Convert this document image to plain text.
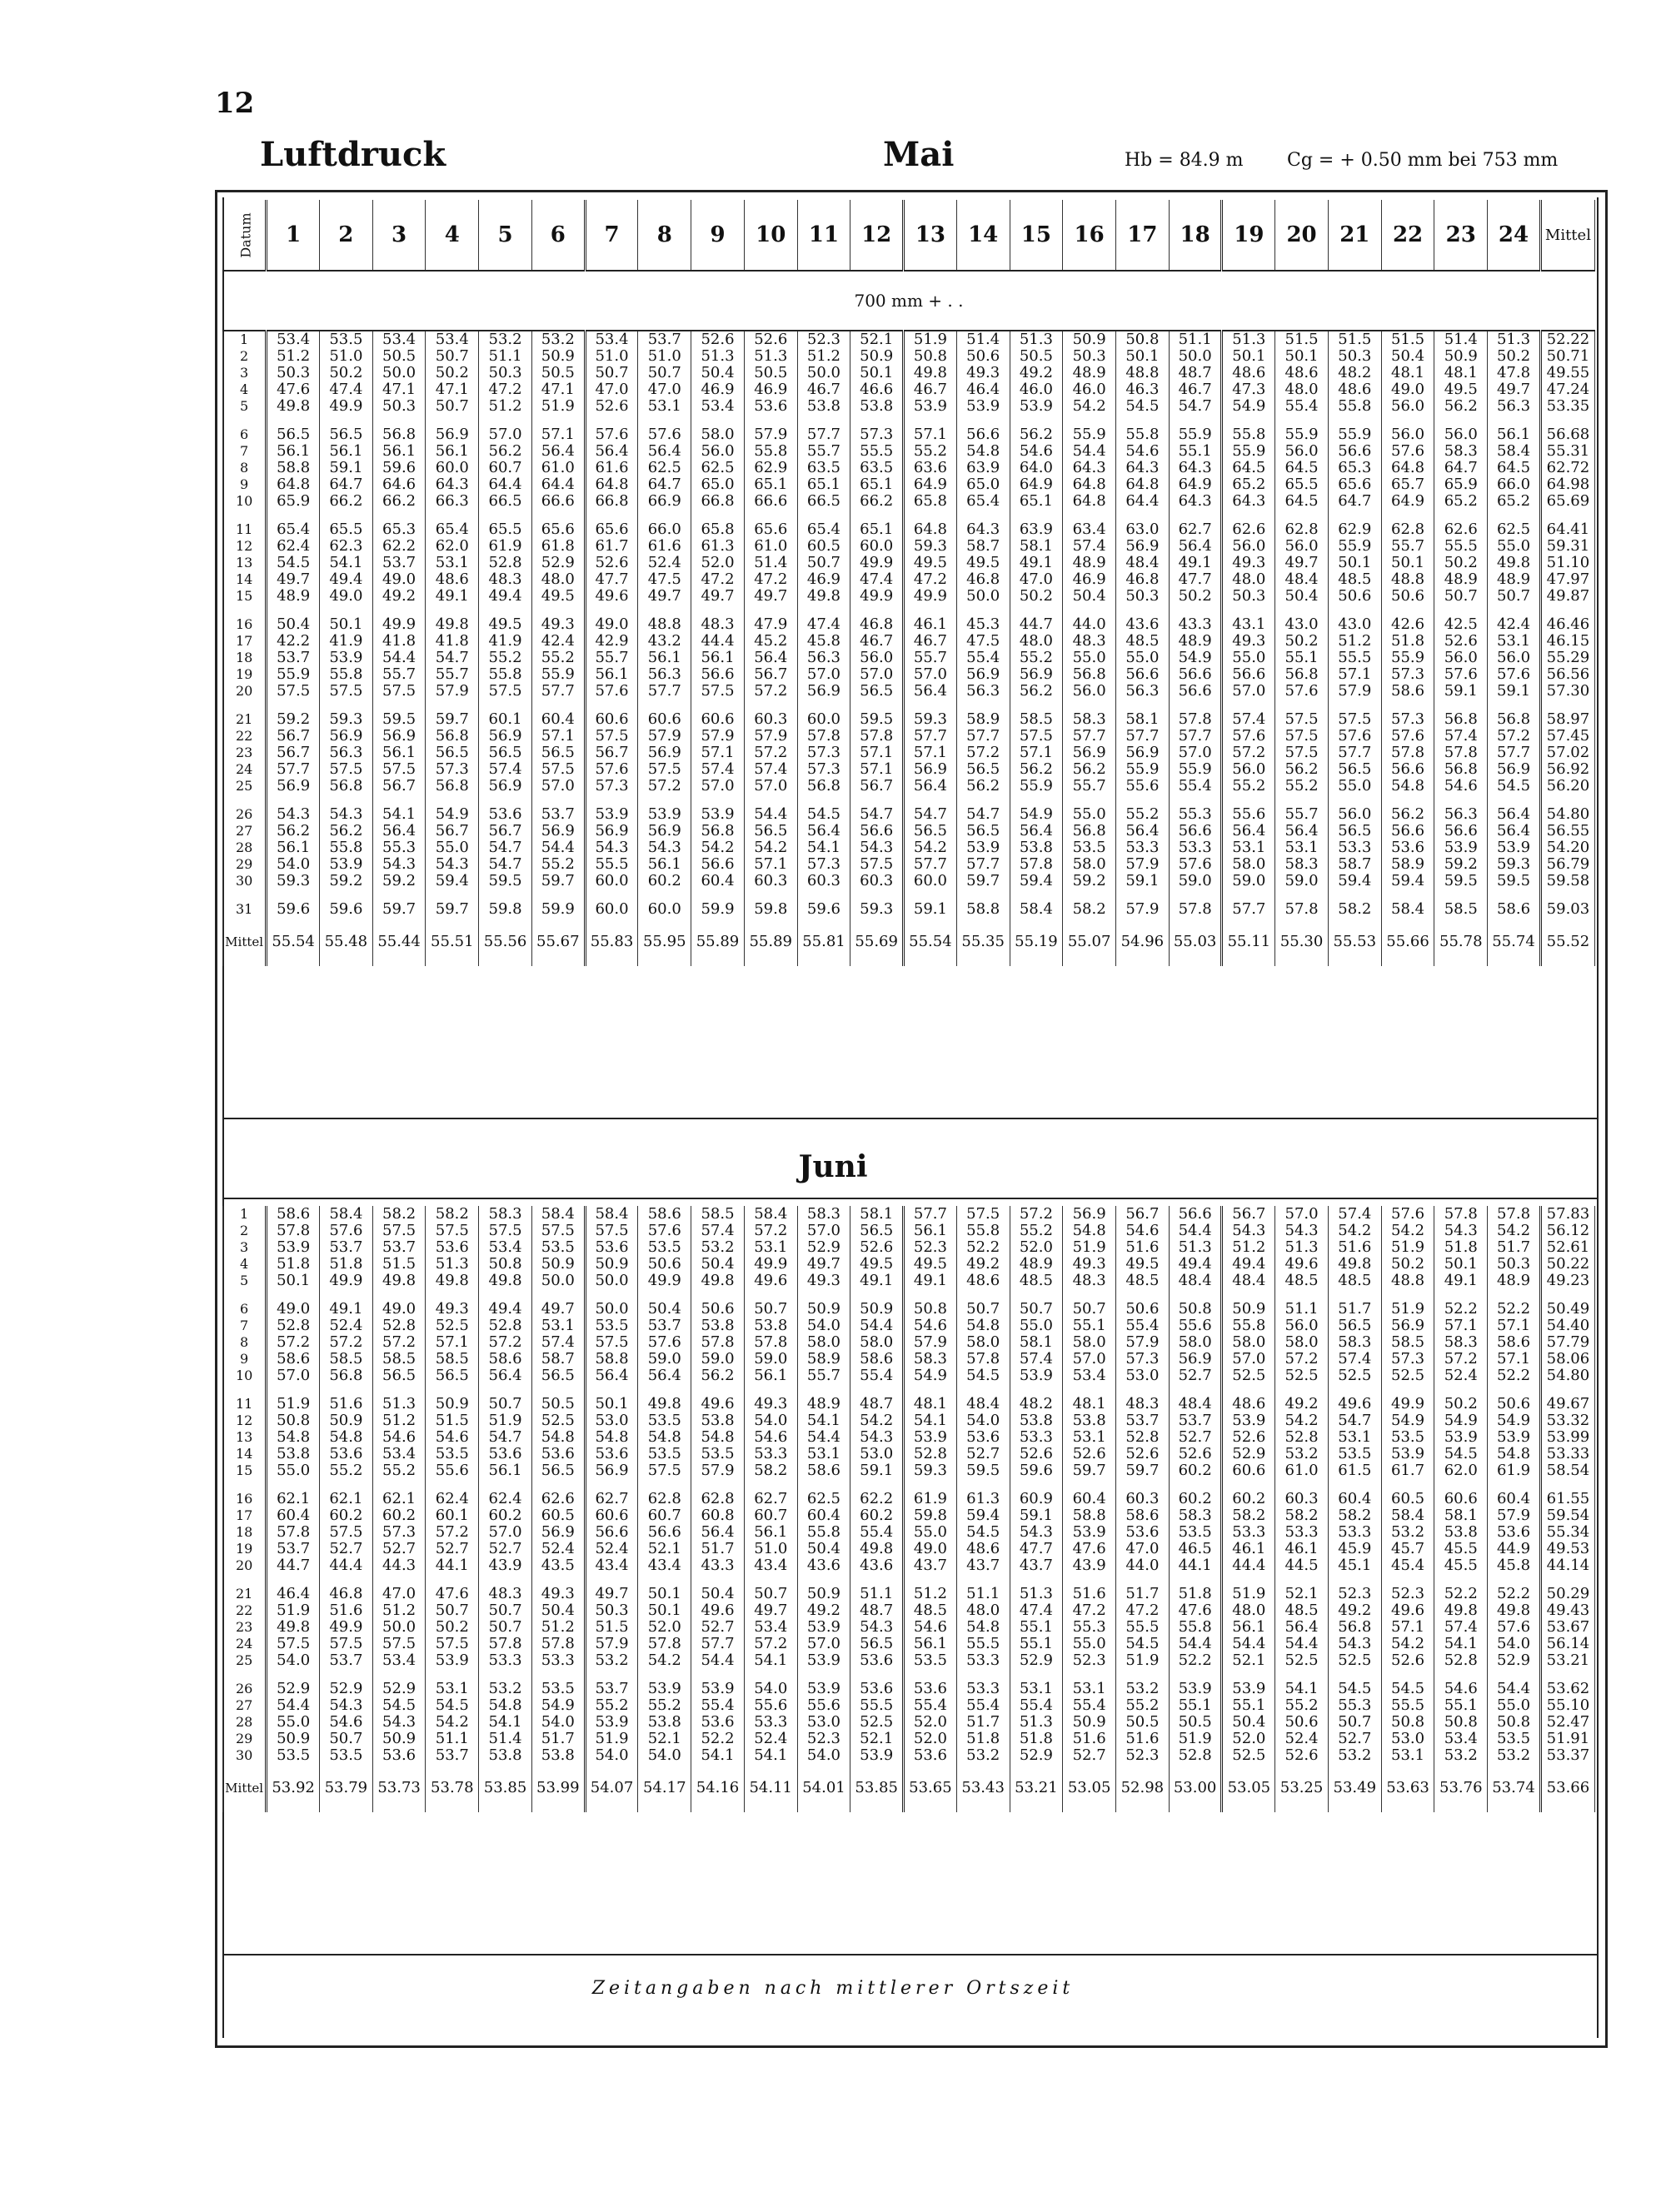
12
Luftdruck	Mai	Hb = 84.9 m Cg = + 0.50 mm bei 753 mm
Datum	1	2	3	4	5	6	7	8	9	10	11	12	13	14	15	16	17	18	19	20	21	22	23	24	Mittel
700 mm + . .																									
1	53.4	53.5	53.4	53.4	53.2	53.2	53.4	53.7	52.6	52.6	52.3	52.1	51.9	51.4	51.3	50.9	50.8	51.1	51.3	51.5	51.5	51.5	51.4	51.3	52.22
2	51.2	51.0	50.5	50.7	51.1	50.9	51.0	51.0	51.3	51.3	51.2	50.9	50.8	50.6	50.5	50.3	50.1	50.0	50.1	50.1	50.3	50.4	50.9	50.2	50.71
3	50.3	50.2	50.0	50.2	50.3	50.5	50.7	50.7	50.4	50.5	50.0	50.1	49.8	49.3	49.2	48.9	48.8	48.7	48.6	48.6	48.2	48.1	48.1	47.8	49.55
4	47.6	47.4	47.1	47.1	47.2	47.1	47.0	47.0	46.9	46.9	46.7	46.6	46.7	46.4	46.0	46.0	46.3	46.7	47.3	48.0	48.6	49.0	49.5	49.7	47.24
5	49.8	49.9	50.3	50.7	51.2	51.9	52.6	53.1	53.4	53.6	53.8	53.8	53.9	53.9	53.9	54.2	54.5	54.7	54.9	55.4	55.8	56.0	56.2	56.3	53.35
6	56.5	56.5	56.8	56.9	57.0	57.1	57.6	57.6	58.0	57.9	57.7	57.3	57.1	56.6	56.2	55.9	55.8	55.9	55.8	55.9	55.9	56.0	56.0	56.1	56.68
7	56.1	56.1	56.1	56.1	56.2	56.4	56.4	56.4	56.0	55.8	55.7	55.5	55.2	54.8	54.6	54.4	54.6	55.1	55.9	56.0	56.6	57.6	58.3	58.4	55.31
8	58.8	59.1	59.6	60.0	60.7	61.0	61.6	62.5	62.5	62.9	63.5	63.5	63.6	63.9	64.0	64.3	64.3	64.3	64.5	64.5	65.3	64.8	64.7	64.5	62.72
9	64.8	64.7	64.6	64.3	64.4	64.4	64.8	64.7	65.0	65.1	65.1	65.1	64.9	65.0	64.9	64.8	64.8	64.9	65.2	65.5	65.6	65.7	65.9	66.0	64.98
10	65.9	66.2	66.2	66.3	66.5	66.6	66.8	66.9	66.8	66.6	66.5	66.2	65.8	65.4	65.1	64.8	64.4	64.3	64.3	64.5	64.7	64.9	65.2	65.2	65.69
11	65.4	65.5	65.3	65.4	65.5	65.6	65.6	66.0	65.8	65.6	65.4	65.1	64.8	64.3	63.9	63.4	63.0	62.7	62.6	62.8	62.9	62.8	62.6	62.5	64.41
12	62.4	62.3	62.2	62.0	61.9	61.8	61.7	61.6	61.3	61.0	60.5	60.0	59.3	58.7	58.1	57.4	56.9	56.4	56.0	56.0	55.9	55.7	55.5	55.0	59.31
13	54.5	54.1	53.7	53.1	52.8	52.9	52.6	52.4	52.0	51.4	50.7	49.9	49.5	49.5	49.1	48.9	48.4	49.1	49.3	49.7	50.1	50.1	50.2	49.8	51.10
14	49.7	49.4	49.0	48.6	48.3	48.0	47.7	47.5	47.2	47.2	46.9	47.4	47.2	46.8	47.0	46.9	46.8	47.7	48.0	48.4	48.5	48.8	48.9	48.9	47.97
15	48.9	49.0	49.2	49.1	49.4	49.5	49.6	49.7	49.7	49.7	49.8	49.9	49.9	50.0	50.2	50.4	50.3	50.2	50.3	50.4	50.6	50.6	50.7	50.7	49.87
16	50.4	50.1	49.9	49.8	49.5	49.3	49.0	48.8	48.3	47.9	47.4	46.8	46.1	45.3	44.7	44.0	43.6	43.3	43.1	43.0	43.0	42.6	42.5	42.4	46.46
17	42.2	41.9	41.8	41.8	41.9	42.4	42.9	43.2	44.4	45.2	45.8	46.7	46.7	47.5	48.0	48.3	48.5	48.9	49.3	50.2	51.2	51.8	52.6	53.1	46.15
18	53.7	53.9	54.4	54.7	55.2	55.2	55.7	56.1	56.1	56.4	56.3	56.0	55.7	55.4	55.2	55.0	55.0	54.9	55.0	55.1	55.5	55.9	56.0	56.0	55.29
19	55.9	55.8	55.7	55.7	55.8	55.9	56.1	56.3	56.6	56.7	57.0	57.0	57.0	56.9	56.9	56.8	56.6	56.6	56.6	56.8	57.1	57.3	57.6	57.6	56.56
20	57.5	57.5	57.5	57.9	57.5	57.7	57.6	57.7	57.5	57.2	56.9	56.5	56.4	56.3	56.2	56.0	56.3	56.6	57.0	57.6	57.9	58.6	59.1	59.1	57.30
21	59.2	59.3	59.5	59.7	60.1	60.4	60.6	60.6	60.6	60.3	60.0	59.5	59.3	58.9	58.5	58.3	58.1	57.8	57.4	57.5	57.5	57.3	56.8	56.8	58.97
22	56.7	56.9	56.9	56.8	56.9	57.1	57.5	57.9	57.9	57.9	57.8	57.8	57.7	57.7	57.5	57.7	57.7	57.7	57.6	57.5	57.6	57.6	57.4	57.2	57.45
23	56.7	56.3	56.1	56.5	56.5	56.5	56.7	56.9	57.1	57.2	57.3	57.1	57.1	57.2	57.1	56.9	56.9	57.0	57.2	57.5	57.7	57.8	57.8	57.7	57.02
24	57.7	57.5	57.5	57.3	57.4	57.5	57.6	57.5	57.4	57.4	57.3	57.1	56.9	56.5	56.2	56.2	55.9	55.9	56.0	56.2	56.5	56.6	56.8	56.9	56.92
25	56.9	56.8	56.7	56.8	56.9	57.0	57.3	57.2	57.0	57.0	56.8	56.7	56.4	56.2	55.9	55.7	55.6	55.4	55.2	55.2	55.0	54.8	54.6	54.5	56.20
26	54.3	54.3	54.1	54.9	53.6	53.7	53.9	53.9	53.9	54.4	54.5	54.7	54.7	54.7	54.9	55.0	55.2	55.3	55.6	55.7	56.0	56.2	56.3	56.4	54.80
27	56.2	56.2	56.4	56.7	56.7	56.9	56.9	56.9	56.8	56.5	56.4	56.6	56.5	56.5	56.4	56.8	56.4	56.6	56.4	56.4	56.5	56.6	56.6	56.4	56.55
28	56.1	55.8	55.3	55.0	54.7	54.4	54.3	54.3	54.2	54.2	54.1	54.3	54.2	53.9	53.8	53.5	53.3	53.3	53.1	53.1	53.3	53.6	53.9	53.9	54.20
29	54.0	53.9	54.3	54.3	54.7	55.2	55.5	56.1	56.6	57.1	57.3	57.5	57.7	57.7	57.8	58.0	57.9	57.6	58.0	58.3	58.7	58.9	59.2	59.3	56.79
30	59.3	59.2	59.2	59.4	59.5	59.7	60.0	60.2	60.4	60.3	60.3	60.3	60.0	59.7	59.4	59.2	59.1	59.0	59.0	59.0	59.4	59.4	59.5	59.5	59.58
31	59.6	59.6	59.7	59.7	59.8	59.9	60.0	60.0	59.9	59.8	59.6	59.3	59.1	58.8	58.4	58.2	57.9	57.8	57.7	57.8	58.2	58.4	58.5	58.6	59.03
Mittel	55.54	55.48	55.44	55.51	55.56	55.67	55.83	55.95	55.89	55.89	55.81	55.69	55.54	55.35	55.19	55.07	54.96	55.03	55.11	55.30	55.53	55.66	55.78	55.74	55.52
Juni
1	58.6	58.4	58.2	58.2	58.3	58.4	58.4	58.6	58.5	58.4	58.3	58.1	57.7	57.5	57.2	56.9	56.7	56.6	56.7	57.0	57.4	57.6	57.8	57.8	57.83
2	57.8	57.6	57.5	57.5	57.5	57.5	57.5	57.6	57.4	57.2	57.0	56.5	56.1	55.8	55.2	54.8	54.6	54.4	54.3	54.3	54.2	54.2	54.3	54.2	56.12
3	53.9	53.7	53.7	53.6	53.4	53.5	53.6	53.5	53.2	53.1	52.9	52.6	52.3	52.2	52.0	51.9	51.6	51.3	51.2	51.3	51.6	51.9	51.8	51.7	52.61
4	51.8	51.8	51.5	51.3	50.8	50.9	50.9	50.6	50.4	49.9	49.7	49.5	49.5	49.2	48.9	49.3	49.5	49.4	49.4	49.6	49.8	50.2	50.1	50.3	50.22
5	50.1	49.9	49.8	49.8	49.8	50.0	50.0	49.9	49.8	49.6	49.3	49.1	49.1	48.6	48.5	48.3	48.5	48.4	48.4	48.5	48.5	48.8	49.1	48.9	49.23
6	49.0	49.1	49.0	49.3	49.4	49.7	50.0	50.4	50.6	50.7	50.9	50.9	50.8	50.7	50.7	50.7	50.6	50.8	50.9	51.1	51.7	51.9	52.2	52.2	50.49
7	52.8	52.4	52.8	52.5	52.8	53.1	53.5	53.7	53.8	53.8	54.0	54.4	54.6	54.8	55.0	55.1	55.4	55.6	55.8	56.0	56.5	56.9	57.1	57.1	54.40
8	57.2	57.2	57.2	57.1	57.2	57.4	57.5	57.6	57.8	57.8	58.0	58.0	57.9	58.0	58.1	58.0	57.9	58.0	58.0	58.0	58.3	58.5	58.3	58.6	57.79
9	58.6	58.5	58.5	58.5	58.6	58.7	58.8	59.0	59.0	59.0	58.9	58.6	58.3	57.8	57.4	57.0	57.3	56.9	57.0	57.2	57.4	57.3	57.2	57.1	58.06
10	57.0	56.8	56.5	56.5	56.4	56.5	56.4	56.4	56.2	56.1	55.7	55.4	54.9	54.5	53.9	53.4	53.0	52.7	52.5	52.5	52.5	52.5	52.4	52.2	54.80
11	51.9	51.6	51.3	50.9	50.7	50.5	50.1	49.8	49.6	49.3	48.9	48.7	48.1	48.4	48.2	48.1	48.3	48.4	48.6	49.2	49.6	49.9	50.2	50.6	49.67
12	50.8	50.9	51.2	51.5	51.9	52.5	53.0	53.5	53.8	54.0	54.1	54.2	54.1	54.0	53.8	53.8	53.7	53.7	53.9	54.2	54.7	54.9	54.9	54.9	53.32
13	54.8	54.8	54.6	54.6	54.7	54.8	54.8	54.8	54.8	54.6	54.4	54.3	53.9	53.6	53.3	53.1	52.8	52.7	52.6	52.8	53.1	53.5	53.9	53.9	53.99
14	53.8	53.6	53.4	53.5	53.6	53.6	53.6	53.5	53.5	53.3	53.1	53.0	52.8	52.7	52.6	52.6	52.6	52.6	52.9	53.2	53.5	53.9	54.5	54.8	53.33
15	55.0	55.2	55.2	55.6	56.1	56.5	56.9	57.5	57.9	58.2	58.6	59.1	59.3	59.5	59.6	59.7	59.7	60.2	60.6	61.0	61.5	61.7	62.0	61.9	58.54
16	62.1	62.1	62.1	62.4	62.4	62.6	62.7	62.8	62.8	62.7	62.5	62.2	61.9	61.3	60.9	60.4	60.3	60.2	60.2	60.3	60.4	60.5	60.6	60.4	61.55
17	60.4	60.2	60.2	60.1	60.2	60.5	60.6	60.7	60.8	60.7	60.4	60.2	59.8	59.4	59.1	58.8	58.6	58.3	58.2	58.2	58.2	58.4	58.1	57.9	59.54
18	57.8	57.5	57.3	57.2	57.0	56.9	56.6	56.6	56.4	56.1	55.8	55.4	55.0	54.5	54.3	53.9	53.6	53.5	53.3	53.3	53.3	53.2	53.8	53.6	55.34
19	53.7	52.7	52.7	52.7	52.7	52.4	52.4	52.1	51.7	51.0	50.4	49.8	49.0	48.6	47.7	47.6	47.0	46.5	46.1	46.1	45.9	45.7	45.5	44.9	49.53
20	44.7	44.4	44.3	44.1	43.9	43.5	43.4	43.4	43.3	43.4	43.6	43.6	43.7	43.7	43.7	43.9	44.0	44.1	44.4	44.5	45.1	45.4	45.5	45.8	44.14
21	46.4	46.8	47.0	47.6	48.3	49.3	49.7	50.1	50.4	50.7	50.9	51.1	51.2	51.1	51.3	51.6	51.7	51.8	51.9	52.1	52.3	52.3	52.2	52.2	50.29
22	51.9	51.6	51.2	50.7	50.7	50.4	50.3	50.1	49.6	49.7	49.2	48.7	48.5	48.0	47.4	47.2	47.2	47.6	48.0	48.5	49.2	49.6	49.8	49.8	49.43
23	49.8	49.9	50.0	50.2	50.7	51.2	51.5	52.0	52.7	53.4	53.9	54.3	54.6	54.8	55.1	55.3	55.5	55.8	56.1	56.4	56.8	57.1	57.4	57.6	53.67
24	57.5	57.5	57.5	57.5	57.8	57.8	57.9	57.8	57.7	57.2	57.0	56.5	56.1	55.5	55.1	55.0	54.5	54.4	54.4	54.4	54.3	54.2	54.1	54.0	56.14
25	54.0	53.7	53.4	53.9	53.3	53.3	53.2	54.2	54.4	54.1	53.9	53.6	53.5	53.3	52.9	52.3	51.9	52.2	52.1	52.5	52.5	52.6	52.8	52.9	53.21
26	52.9	52.9	52.9	53.1	53.2	53.5	53.7	53.9	53.9	54.0	53.9	53.6	53.6	53.3	53.1	53.1	53.2	53.9	53.9	54.1	54.5	54.5	54.6	54.4	53.62
27	54.4	54.3	54.5	54.5	54.8	54.9	55.2	55.2	55.4	55.6	55.6	55.5	55.4	55.4	55.4	55.4	55.2	55.1	55.1	55.2	55.3	55.5	55.1	55.0	55.10
28	55.0	54.6	54.3	54.2	54.1	54.0	53.9	53.8	53.6	53.3	53.0	52.5	52.0	51.7	51.3	50.9	50.5	50.5	50.4	50.6	50.7	50.8	50.8	50.8	52.47
29	50.9	50.7	50.9	51.1	51.4	51.7	51.9	52.1	52.2	52.4	52.3	52.1	52.0	51.8	51.8	51.6	51.6	51.9	52.0	52.4	52.7	53.0	53.4	53.5	51.91
30	53.5	53.5	53.6	53.7	53.8	53.8	54.0	54.0	54.1	54.1	54.0	53.9	53.6	53.2	52.9	52.7	52.3	52.8	52.5	52.6	53.2	53.1	53.2	53.2	53.37
Mittel	53.92	53.79	53.73	53.78	53.85	53.99	54.07	54.17	54.16	54.11	54.01	53.85	53.65	53.43	53.21	53.05	52.98	53.00	53.05	53.25	53.49	53.63	53.76	53.74	53.66
Zeitangaben nach mittlerer Ortszeit
